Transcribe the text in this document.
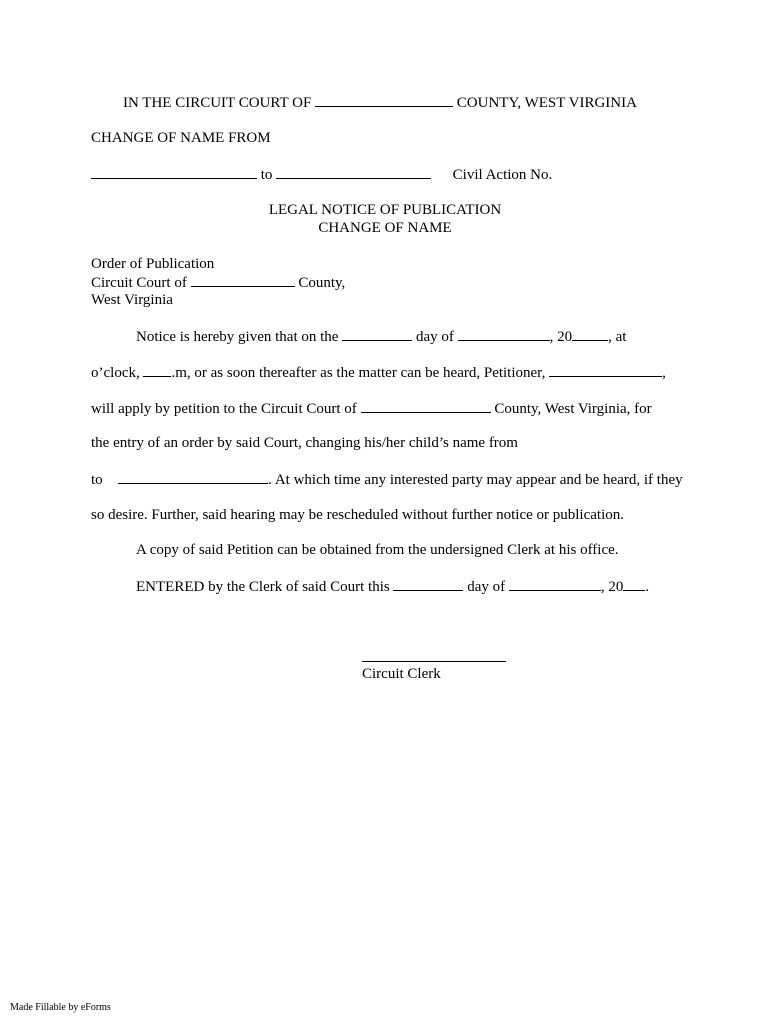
IN THE CIRCUIT COURT OF	COUNTY, WEST VIRGINIA
CHANGE OF NAME FROM
to	Civil Action No.
LEGAL NOTICE OF PUBLICATION
CHANGE OF NAME
Order of Publication
Circuit Court of	County,
West Virginia
Notice is hereby given that on the	day of	, 20 , at
o’clock, .m, or as soon thereafter as the matter can be heard, Petitioner,	,
will apply by petition to the Circuit Court of	County, West Virginia, for
the entry of an order by said Court, changing his/her child’s name from
to	. At which time any interested party may appear and be heard, if they
so desire. Further, said hearing may be rescheduled without further notice or publication.
A copy of said Petition can be obtained from the undersigned Clerk at his office.
ENTERED by the Clerk of said Court this	day of	, 20 .
Circuit Clerk
Made Fillable by eForms
